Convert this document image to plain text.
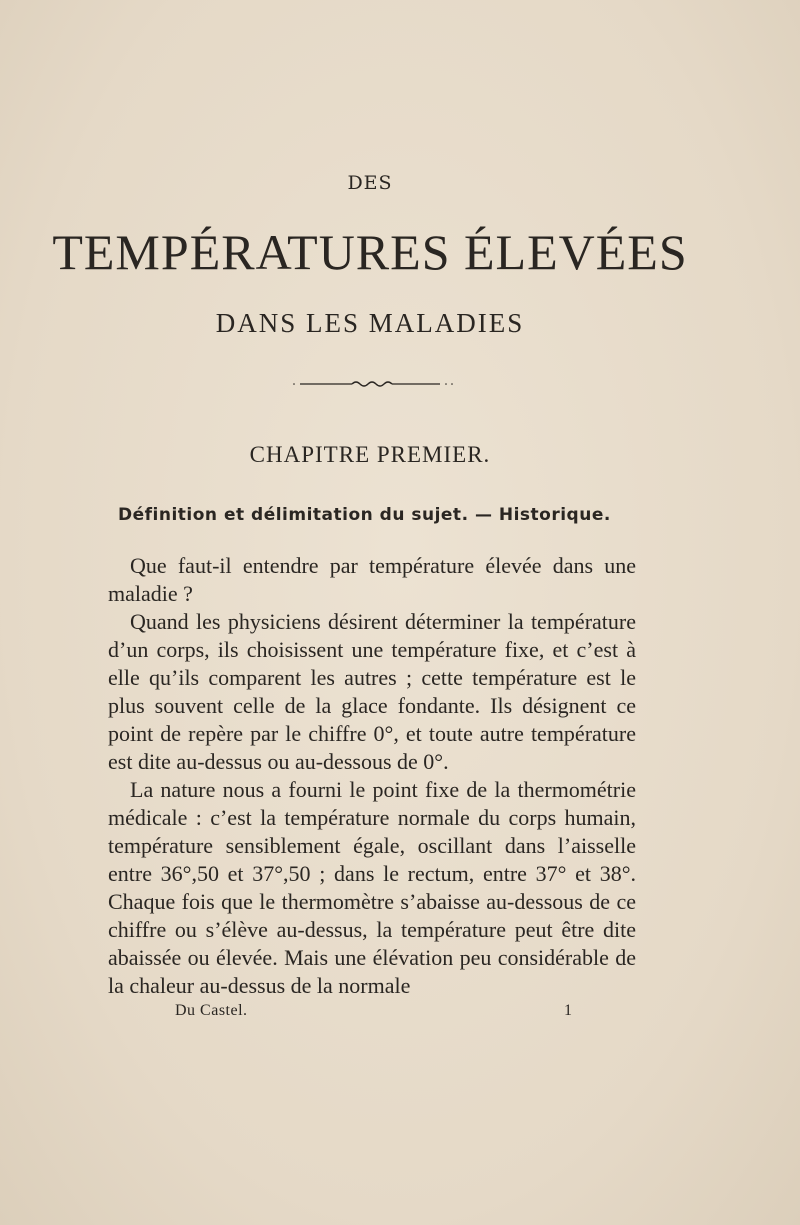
DES
TEMPÉRATURES ÉLEVÉES
DANS LES MALADIES
CHAPITRE PREMIER.
Définition et délimitation du sujet. — Historique.

Que faut-il entendre par température élevée dans une maladie ?

Quand les physiciens désirent déterminer la température d’un corps, ils choisissent une température fixe, et c’est à elle qu’ils comparent les autres ; cette température est le plus souvent celle de la glace fondante. Ils désignent ce point de repère par le chiffre 0°, et toute autre température est dite au-dessus ou au-dessous de 0°.

La nature nous a fourni le point fixe de la thermométrie médicale : c’est la température normale du corps humain, température sensiblement égale, oscillant dans l’aisselle entre 36°,50 et 37°,50 ; dans le rectum, entre 37° et 38°. Chaque fois que le thermomètre s’abaisse au-dessous de ce chiffre ou s’élève au-dessus, la température peut être dite abaissée ou élevée. Mais une élévation peu considérable de la chaleur au-dessus de la normale

Du Castel.	1
